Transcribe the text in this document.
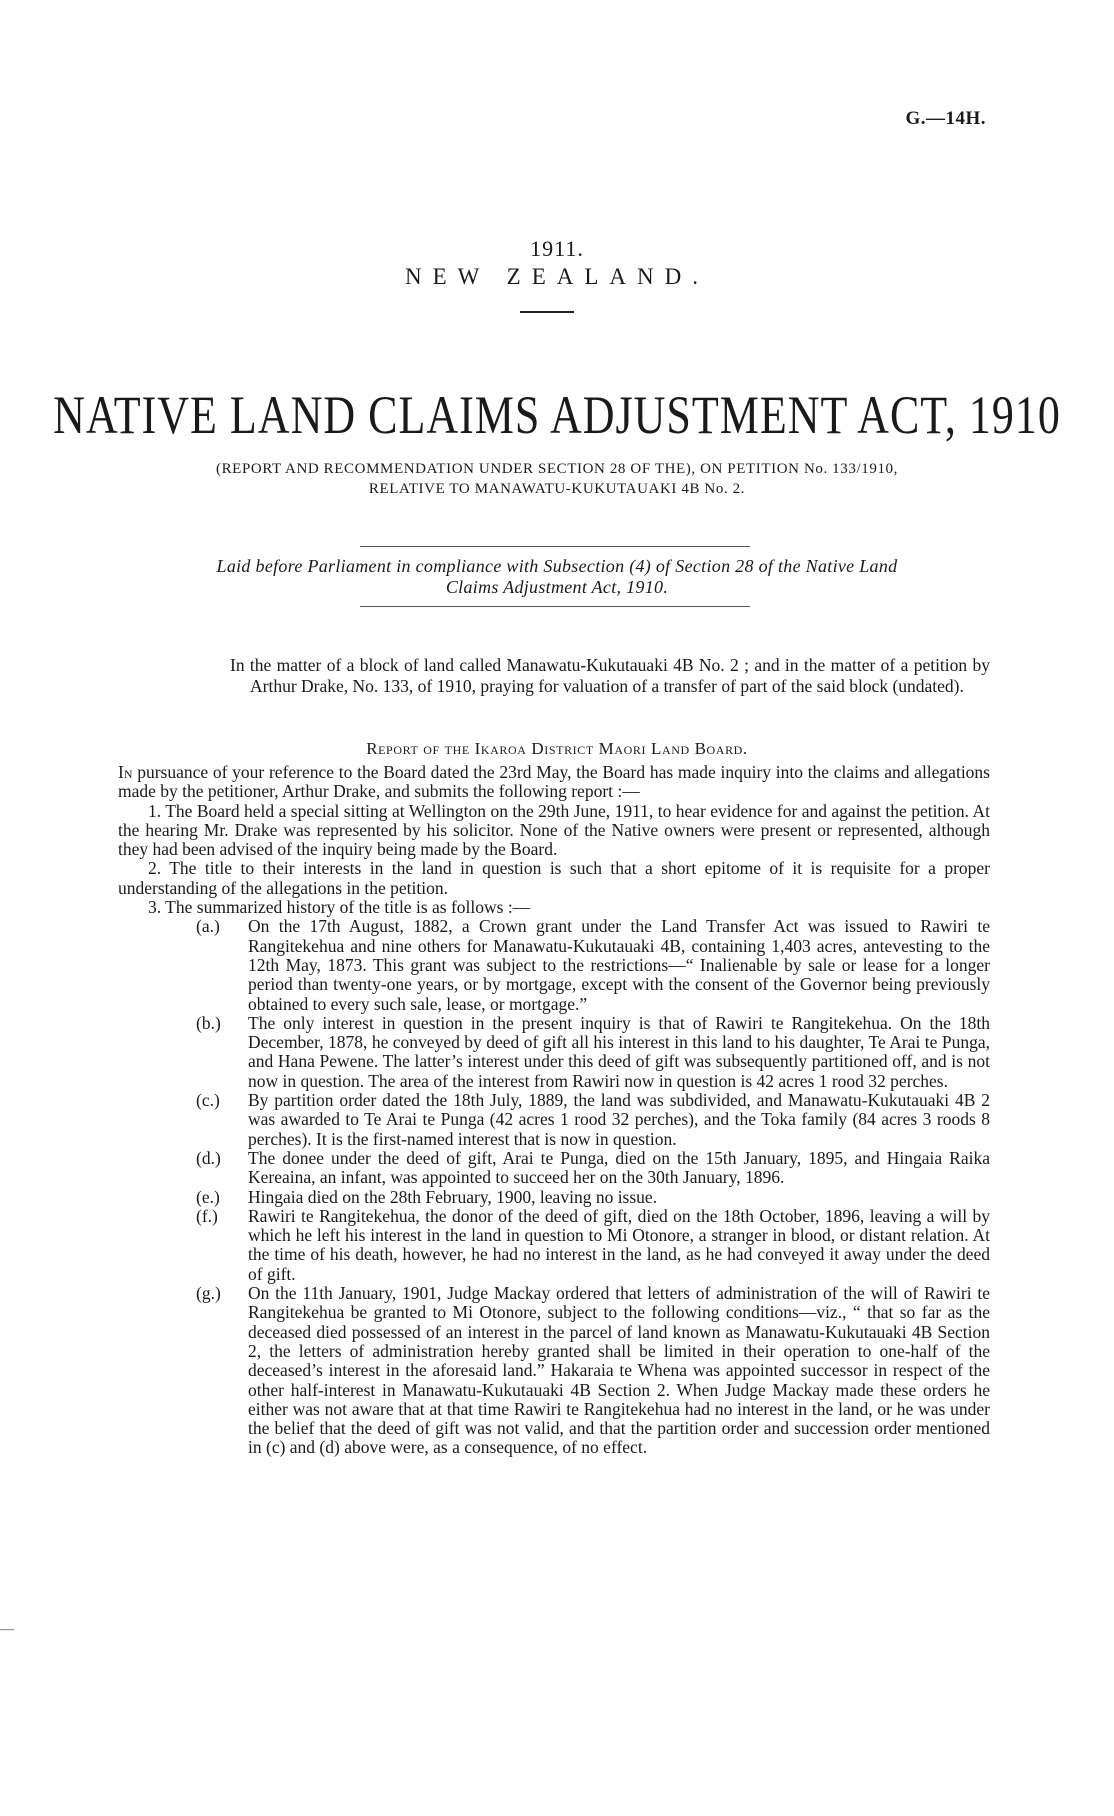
G.—14H.
1911.
NEW ZEALAND.
NATIVE LAND CLAIMS ADJUSTMENT ACT, 1910
(REPORT AND RECOMMENDATION UNDER SECTION 28 OF THE), ON PETITION No. 133/1910,
RELATIVE TO MANAWATU-KUKUTAUAKI 4B No. 2.
Laid before Parliament in compliance with Subsection (4) of Section 28 of the Native Land
Claims Adjustment Act, 1910.
In the matter of a block of land called Manawatu-Kukutauaki 4B No. 2 ; and in the matter of a petition by Arthur Drake, No. 133, of 1910, praying for valuation of a transfer of part of the said block (undated).
Report of the Ikaroa District Maori Land Board.

In pursuance of your reference to the Board dated the 23rd May, the Board has made inquiry into the claims and allegations made by the petitioner, Arthur Drake, and submits the following report :—

1. The Board held a special sitting at Wellington on the 29th June, 1911, to hear evidence for and against the petition. At the hearing Mr. Drake was represented by his solicitor. None of the Native owners were present or represented, although they had been advised of the inquiry being made by the Board.

2. The title to their interests in the land in question is such that a short epitome of it is requisite for a proper understanding of the allegations in the petition.

3. The summarized history of the title is as follows :—

(a.) On the 17th August, 1882, a Crown grant under the Land Transfer Act was issued to Rawiri te Rangitekehua and nine others for Manawatu-Kukutauaki 4B, containing 1,403 acres, antevesting to the 12th May, 1873. This grant was subject to the restrictions—“ Inalienable by sale or lease for a longer period than twenty-one years, or by mortgage, except with the consent of the Governor being previously obtained to every such sale, lease, or mortgage.”
(b.) The only interest in question in the present inquiry is that of Rawiri te Rangitekehua. On the 18th December, 1878, he conveyed by deed of gift all his interest in this land to his daughter, Te Arai te Punga, and Hana Pewene. The latter’s interest under this deed of gift was subsequently partitioned off, and is not now in question. The area of the interest from Rawiri now in question is 42 acres 1 rood 32 perches.
(c.) By partition order dated the 18th July, 1889, the land was subdivided, and Manawatu-Kukutauaki 4B 2 was awarded to Te Arai te Punga (42 acres 1 rood 32 perches), and the Toka family (84 acres 3 roods 8 perches). It is the first-named interest that is now in question.
(d.) The donee under the deed of gift, Arai te Punga, died on the 15th January, 1895, and Hingaia Raika Kereaina, an infant, was appointed to succeed her on the 30th January, 1896.
(e.) Hingaia died on the 28th February, 1900, leaving no issue.
(f.) Rawiri te Rangitekehua, the donor of the deed of gift, died on the 18th October, 1896, leaving a will by which he left his interest in the land in question to Mi Otonore, a stranger in blood, or distant relation. At the time of his death, however, he had no interest in the land, as he had conveyed it away under the deed of gift.
(g.) On the 11th January, 1901, Judge Mackay ordered that letters of administration of the will of Rawiri te Rangitekehua be granted to Mi Otonore, subject to the following conditions—viz., “ that so far as the deceased died possessed of an interest in the parcel of land known as Manawatu-Kukutauaki 4B Section 2, the letters of administration hereby granted shall be limited in their operation to one-half of the deceased’s interest in the aforesaid land.” Hakaraia te Whena was appointed successor in respect of the other half-interest in Manawatu-Kukutauaki 4B Section 2. When Judge Mackay made these orders he either was not aware that at that time Rawiri te Rangitekehua had no interest in the land, or he was under the belief that the deed of gift was not valid, and that the partition order and succession order mentioned in (c) and (d) above were, as a consequence, of no effect.
—
